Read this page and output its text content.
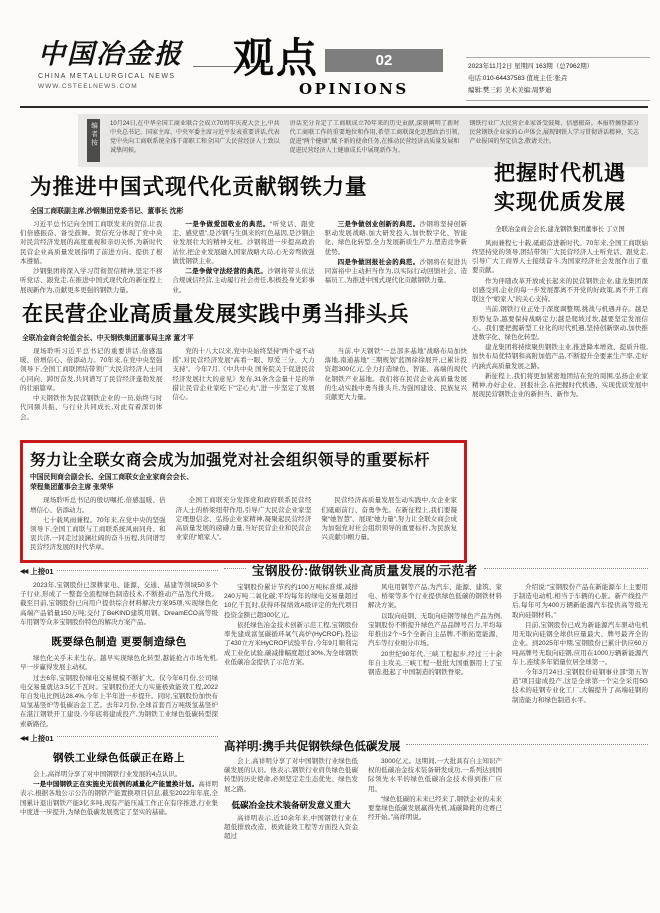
中国冶金报
CHINA METALLURGICAL NEWS
WWW.CSTEELNEWS.COM
观点	02
OPINIONS
2023年11月2日 星期四 163期（总7962期）
电话:010-64437583 值班主任:张垚
编辑:樊三彩 美术美编:周梦迪
编者按	10月24日,在中华全国工商业联合会成立70周年庆祝大会上,中共中央总书记、国家主席、中央军委主席习近平发表重要讲话,代表党中央向工商联系统全体干部职工和全国广大民营经济人士致以诚挚问候。
讲话充分肯定了工商联成立70年来的历史贡献,深刻阐明了新时代工商联工作的重要地位和作用,希望工商联深化思想政治引领,促进“两个健康”,赋予新的使命任务,在推动民营经济高质量发展和促进民营经济人士健康成长中展现新作为。
钢铁行业广大民营企业家备受鼓舞、倍感振奋。本报特摘登部分民营钢铁企业家的心声体会,展现钢铁人学习贯彻讲话精神、矢志产业报国的坚定信念,敬请关注。
为推进中国式现代化贡献钢铁力量
全国工商联副主席,沙钢集团党委书记、董事长 沈彬

习近平总书记向全国工商联发来的贺信,让我们倍感振奋、备受鼓舞。贺信充分体现了党中央对民营经济发展的高度重视和亲切关怀,为新时代民营企业高质量发展指明了前进方向、提供了根本遵循。

沙钢集团将深入学习贯彻贺信精神,坚定不移听党话、跟党走,在推进中国式现代化的新征程上展现新作为,贡献更多更强的钢铁力量。

一是争做爱国敬业的典范。“听党话、跟党走、感党恩”,是沙钢与生俱来的红色基因,是沙钢企业发展壮大的精神支柱。沙钢将进一步提高政治站位,把企业发展融入国家战略大局,心无旁骛做强做优钢铁主业。

二是争做守法经营的典范。沙钢将带头依法合规诚信经营,主动履行社会责任,积极投身光彩事业。

三是争做创业创新的典范。沙钢将坚持创新驱动发展战略,加大研发投入,加快数字化、智能化、绿色化转型,全力发展新质生产力,塑造竞争新优势。

四是争做回报社会的典范。沙钢将在促进共同富裕中主动担当作为,以实际行动回馈社会、造福员工,为推进中国式现代化贡献钢铁力量。

把握时代机遇
实现优质发展
全联冶金商会会长,建龙钢铁集团董事长 丁立国

风雨兼程七十载,砥砺奋进新时代。70年来,全国工商联始终坚持党的领导,团结带领广大民营经济人士听党话、跟党走,引导广大工商界人士接续奋斗,为国家经济社会发展作出了重要贡献。

作为伴随改革开放成长起来的民营钢铁企业,建龙集团深切感受到,企业的每一步发展都离不开党的好政策,离不开工商联这个“娘家人”的关心支持。

当前,钢铁行业正处于深度调整期,挑战与机遇并存。越是形势复杂,越要保持战略定力;越是爬坡过坎,越要坚定发展信心。我们要把握新型工业化的时代机遇,坚持创新驱动,加快推进数字化、绿色化转型。

建龙集团将持续聚焦钢铁主业,推进降本增效、提质升级,加快布局优特钢和高附加值产品,不断提升全要素生产率,走好内涵式高质量发展之路。

新征程上,我们将更加紧密地团结在党的周围,弘扬企业家精神,办好企业、回报社会,在把握时代机遇、实现优质发展中展现民营钢铁企业的新担当、新作为。

在民营企业高质量发展实践中勇当排头兵
全联冶金商会轮值会长、中天钢铁集团董事局主席 董才平

现场聆听习近平总书记的重要讲话,倍感温暖、倍增信心、倍添动力。70年来,在党中央坚强领导下,全国工商联团结带领广大民营经济人士同心同向、踔厉奋发,共同谱写了民营经济蓬勃发展的壮丽篇章。

中天钢铁作为民营钢铁企业的一员,始终与时代同频共振、与行业共同成长,对此有着深切体会。

党的十八大以来,党中央始终坚持“两个毫不动摇”,对民营经济发展“高看一眼、厚爱三分、大力支持”。今年7月,《中共中央 国务院关于促进民营经济发展壮大的意见》发布,31条含金量十足的举措让民营企业家吃下“定心丸”,进一步坚定了发展信心。

当前,中天钢铁“一总部多基地”战略布局加快落地,南通基地“三期规划”蓝图徐徐展开,已累计投资超300亿元,全力打造绿色、智能、高端的现代化钢铁产业基地。我们将在民营企业高质量发展的生动实践中勇当排头兵,为强国建设、民族复兴贡献更大力量。

努力让全联女商会成为加强党对社会组织领导的重要标杆
中国民间商会副会长、全国工商联女企业家商会会长、
荣程集团董事会主席 张荣华

现场聆听总书记的殷切嘱托,倍感温暖、倍增信心、倍添动力。

七十载风雨兼程。70年来,在党中央的坚强领导下,全国工商联与工商联系统风雨同舟、和衷共济,一同走过波澜壮阔的奋斗历程,共同谱写民营经济发展的时代华章。

全国工商联充分发挥党和政府联系民营经济人士的桥梁纽带作用,引导广大民营企业家坚定理想信念、弘扬企业家精神,凝聚起民营经济高质量发展的磅礴力量,当好民营企业和民营企业家的“娘家人”。

民营经济高质量发展生动实践中,女企业家们砥砺前行、奋勇争先。在新征程上,我们要凝聚“她智慧”、展现“她力量”,努力让全联女商会成为加强党对社会组织领导的重要标杆,为民族复兴贡献巾帼力量。

◀◀ 上接01

2023年,宝钢股份已深耕家电、能源、交通、基建等领域50多个子行业,形成了一整套全流程绿色制造技术,不断推动产品迭代升级。截至目前,宝钢股份已向用户提供综合材料解决方案95项,实现绿色化高端产品销量150万吨;交付了BeKIND建筑用钢、DreamECO高等级车用钢等众多宝钢股份特色的解决方案产品。

既要绿色制造 更要制造绿色

绿色化关乎未来生存。越早实现绿色化转型,越能抢占市场先机,早一步赢得发展主动权。

过去6年,宝钢股份绿电交易规模不断扩大。仅今年6月份,公司绿电交易量就达3.5亿千瓦时。宝钢股份还大力实施极致能效工程,2022年自发电比例达28.4%,今年上半年进一步提升。同时,宝钢股份加快布局氢基竖炉等低碳冶金工艺。去年2月份,全球首套百万吨级氢基竖炉在湛江钢铁开工建设,今年底将建成投产,为钢铁工业绿色低碳转型探索新路径。

◀◀ 上接01
钢铁工业绿色低碳正在路上

会上,高祥明分享了对中国钢铁行业发展的4点认识。

一是中国钢铁正在实施史无前例的减量化产能置换计划。高祥明表示,根据各地公示公告的钢铁产能置换项目信息,截至2022年年底,全国累计退出钢铁产能3亿多吨,现有产能压减工作正在有序推进,行业集中度进一步提升,为绿色低碳发展奠定了坚实的基础。

宝钢股份:做钢铁业高质量发展的示范者

宝钢股份累计节约约100万吨标准煤,减排240万吨二氧化碳;平均每年的绿电交易量超过10亿千瓦时,获得环保绩效A级评定的先代项目投资金额已超300亿元。

依托绿色冶金技术创新示范工程,宝钢股份率先建成富氢碳循环氧气高炉(HyCROF),投运了430立方米HyCROF试验平台,今年9月顺利完成工业化试验,碳减排幅度超过30%,为全球钢铁业低碳冶金提供了示范方案。

风电用钢等产品,为汽车、能源、建筑、家电、桥梁等多个行业提供绿色低碳的钢铁材料解决方案。

以取向硅钢、无取向硅钢等绿色产品为例,宝钢股份不断提升绿色产品品牌号召力,平均每年推出2个~5个全新自主品牌,不断拓宽能源、汽车等行业细分市场。

20世纪90年代,三峡工程起步,经过三十余年自主攻关,三峡工程一批批大国重器用上了宝钢造,挺起了中国制造的钢铁脊梁。

介绍说:“宝钢股份产品在新能源车上主要用于制造电动机,相当于车辆的心脏。新产线投产后,每年可为400万辆新能源汽车提供高等级无取向硅钢材料。”

目前,宝钢股份已成为新能源汽车驱动电机用无取向硅钢全球供应量最大、牌号最齐全的企业。到2025年中期,宝钢股份已累计供应60万吨高牌号无取向硅钢,应用在1000万辆新能源汽车上,连续多年销量位居全球第一。

今年3月24日,宝钢股份硅钢事业部“第五智造”项目建成投产,这是全球第一个完全采用5G技术的硅钢专业化工厂,大幅提升了高端硅钢的制造能力和绿色制造水平。

高祥明:携手共促钢铁绿色低碳发展

会上,高祥明分享了对中国钢铁行业绿色低碳发展的认识。他表示,钢铁行业肩负绿色低碳转型的历史使命,必须坚定走生态优先、绿色发展之路。

低碳冶金技术装备研发意义重大

高祥明表示,近10余年来,中国钢铁行业在超低排放改造、极致能效工程等方面投入资金超过

3000亿元。这期间,一大批具有自主知识产权的低碳冶金技术装备研发成功,一系列达到国际领先水平的绿色低碳冶金技术得到推广应用。

“绿色低碳的未来已经来了,钢铁企业的未来要靠绿色低碳发展赢得先机,减碳降耗的竞赛已经开始。”高祥明说。
